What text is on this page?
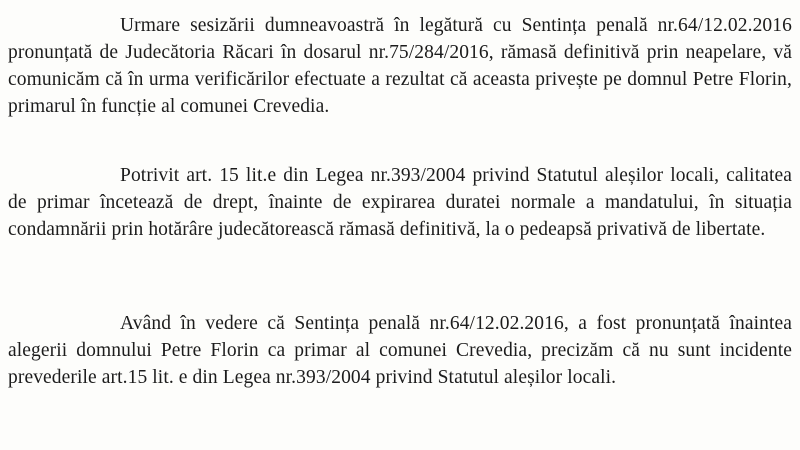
Urmare sesizării dumneavoastră în legătură cu Sentința penală nr.64/12.02.2016 pronunțată de Judecătoria Răcari în dosarul nr.75/284/2016, rămasă definitivă prin neapelare, vă comunicăm că în urma verificărilor efectuate a rezultat că aceasta privește pe domnul Petre Florin, primarul în funcție al comunei Crevedia.

Potrivit art. 15 lit.e din Legea nr.393/2004 privind Statutul aleșilor locali, calitatea de primar încetează de drept, înainte de expirarea duratei normale a mandatului, în situația condamnării prin hotărâre judecătorească rămasă definitivă, la o pedeapsă privativă de libertate.

Având în vedere că Sentința penală nr.64/12.02.2016, a fost pronunțată înaintea alegerii domnului Petre Florin ca primar al comunei Crevedia, precizăm că nu sunt incidente prevederile art.15 lit. e din Legea nr.393/2004 privind Statutul aleșilor locali.
